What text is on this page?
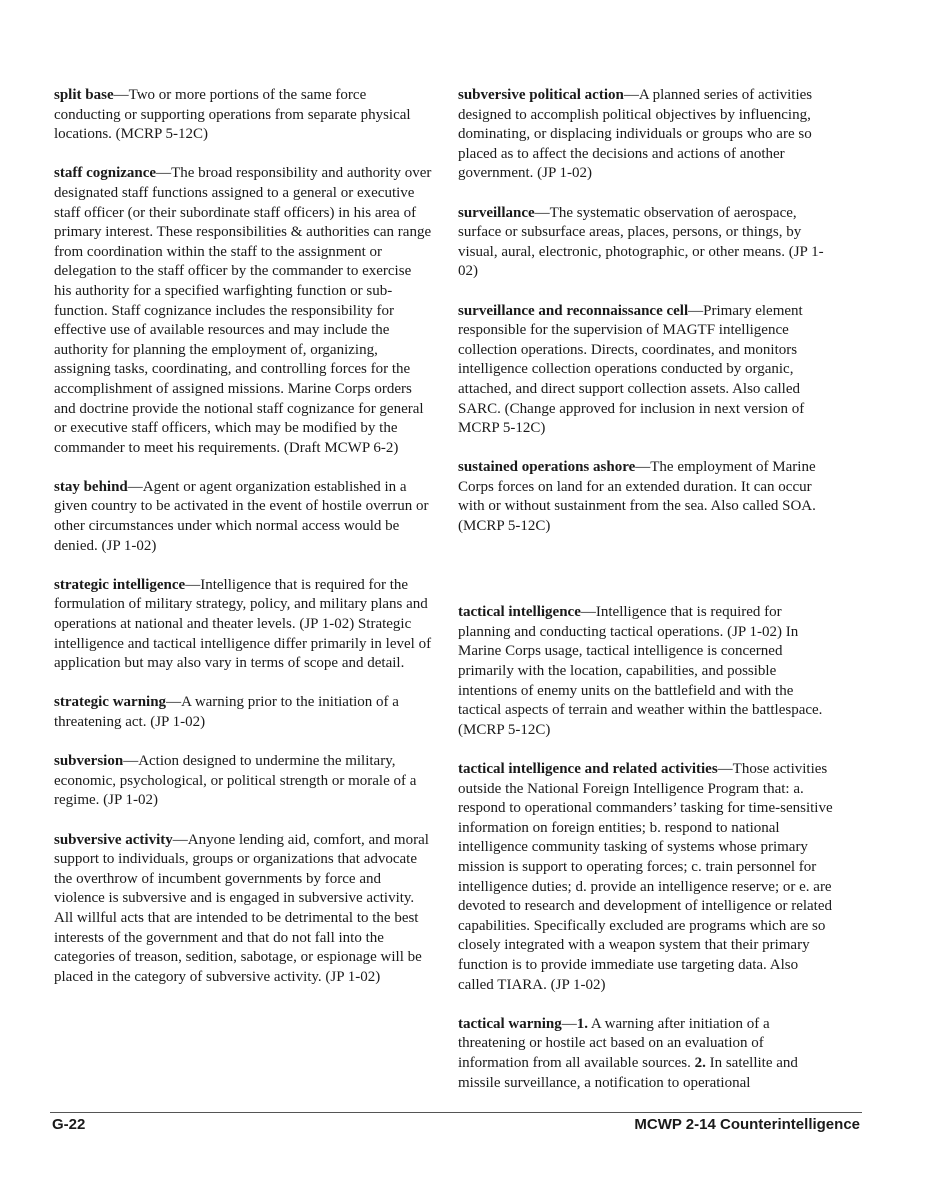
split base—Two or more portions of the same force conducting or supporting operations from separate physical locations. (MCRP 5-12C)

staff cognizance—The broad responsibility and authority over designated staff functions assigned to a general or executive staff officer (or their subordinate staff officers) in his area of primary interest. These responsibilities & authorities can range from coordination within the staff to the assignment or delegation to the staff officer by the commander to exercise his authority for a specified warfighting function or sub-function. Staff cognizance includes the responsibility for effective use of available resources and may include the authority for planning the employment of, organizing, assigning tasks, coordinating, and controlling forces for the accomplishment of assigned missions. Marine Corps orders and doctrine provide the notional staff cognizance for general or executive staff officers, which may be modified by the commander to meet his requirements. (Draft MCWP 6-2)

stay behind—Agent or agent organization established in a given country to be activated in the event of hostile overrun or other circumstances under which normal access would be denied. (JP 1-02)

strategic intelligence—Intelligence that is required for the formulation of military strategy, policy, and military plans and operations at national and theater levels. (JP 1-02) Strategic intelligence and tactical intelligence differ primarily in level of application but may also vary in terms of scope and detail.

strategic warning—A warning prior to the initiation of a threatening act. (JP 1-02)

subversion—Action designed to undermine the military, economic, psychological, or political strength or morale of a regime. (JP 1-02)

subversive activity—Anyone lending aid, comfort, and moral support to individuals, groups or organizations that advocate the overthrow of incumbent governments by force and violence is subversive and is engaged in subversive activity. All willful acts that are intended to be detrimental to the best interests of the government and that do not fall into the categories of treason, sedition, sabotage, or espionage will be placed in the category of subversive activity. (JP 1-02)

subversive political action—A planned series of activities designed to accomplish political objectives by influencing, dominating, or displacing individuals or groups who are so placed as to affect the decisions and actions of another government. (JP 1-02)

surveillance—The systematic observation of aerospace, surface or subsurface areas, places, persons, or things, by visual, aural, electronic, photographic, or other means. (JP 1-02)

surveillance and reconnaissance cell—Primary element responsible for the supervision of MAGTF intelligence collection operations. Directs, coordinates, and monitors intelligence collection operations conducted by organic, attached, and direct support collection assets. Also called SARC. (Change approved for inclusion in next version of MCRP 5-12C)

sustained operations ashore—The employment of Marine Corps forces on land for an extended duration. It can occur with or without sustainment from the sea. Also called SOA. (MCRP 5-12C)

tactical intelligence—Intelligence that is required for planning and conducting tactical operations. (JP 1-02) In Marine Corps usage, tactical intelligence is concerned primarily with the location, capabilities, and possible intentions of enemy units on the battlefield and with the tactical aspects of terrain and weather within the battlespace. (MCRP 5-12C)

tactical intelligence and related activities—Those activities outside the National Foreign Intelligence Program that: a. respond to operational commanders’ tasking for time-sensitive information on foreign entities; b. respond to national intelligence community tasking of systems whose primary mission is support to operating forces; c. train personnel for intelligence duties; d. provide an intelligence reserve; or e. are devoted to research and development of intelligence or related capabilities. Specifically excluded are programs which are so closely integrated with a weapon system that their primary function is to provide immediate use targeting data. Also called TIARA. (JP 1-02)

tactical warning—1. A warning after initiation of a threatening or hostile act based on an evaluation of information from all available sources. 2. In satellite and missile surveillance, a notification to operational

G-22	MCWP 2-14 Counterintelligence
